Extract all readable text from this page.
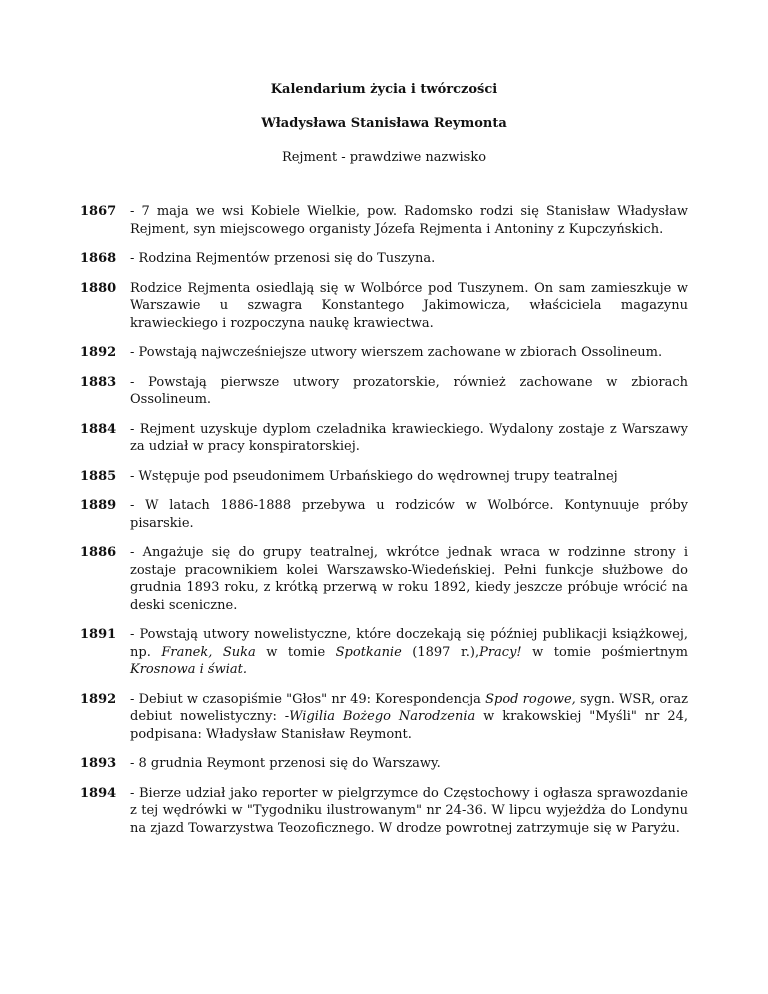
Kalendarium życia i twórczości

Władysława Stanisława Reymonta

Rejment - prawdziwe nazwisko

1867	- 7 maja we wsi Kobiele Wielkie, pow. Radomsko rodzi się Stanisław Władysław Rejment, syn miejscowego organisty Józefa Rejmenta i Antoniny z Kupczyńskich.
1868	- Rodzina Rejmentów przenosi się do Tuszyna.
1880	Rodzice Rejmenta osiedlają się w Wolbórce pod Tuszynem. On sam zamieszkuje w Warszawie u szwagra Konstantego Jakimowicza, właściciela magazynu krawieckiego i rozpoczyna naukę krawiectwa.
1892	- Powstają najwcześniejsze utwory wierszem zachowane w zbiorach Ossolineum.
1883	- Powstają pierwsze utwory prozatorskie, również zachowane w zbiorach Ossolineum.
1884	- Rejment uzyskuje dyplom czeladnika krawieckiego. Wydalony zostaje z Warszawy za udział w pracy konspiratorskiej.
1885	- Wstępuje pod pseudonimem Urbańskiego do wędrownej trupy teatralnej
1889	- W latach 1886-1888 przebywa u rodziców w Wolbórce. Kontynuuje próby pisarskie.
1886	- Angażuje się do grupy teatralnej, wkrótce jednak wraca w rodzinne strony i zostaje pracownikiem kolei Warszawsko-Wiedeńskiej. Pełni funkcje służbowe do grudnia 1893 roku, z krótką przerwą w roku 1892, kiedy jeszcze próbuje wrócić na deski sceniczne.
1891	- Powstają utwory nowelistyczne, które doczekają się później publikacji książkowej, np. Franek, Suka w tomie Spotkanie (1897 r.),Pracy! w tomie pośmiertnym Krosnowa i świat.
1892	- Debiut w czasopiśmie "Głos" nr 49: Korespondencja Spod rogowe, sygn. WSR, oraz debiut nowelistyczny: -Wigilia Bożego Narodzenia w krakowskiej "Myśli" nr 24, podpisana: Władysław Stanisław Reymont.
1893	- 8 grudnia Reymont przenosi się do Warszawy.
1894	- Bierze udział jako reporter w pielgrzymce do Częstochowy i ogłasza sprawozdanie z tej wędrówki w "Tygodniku ilustrowanym" nr 24-36. W lipcu wyjeżdża do Londynu na zjazd Towarzystwa Teozoficznego. W drodze powrotnej zatrzymuje się w Paryżu.
